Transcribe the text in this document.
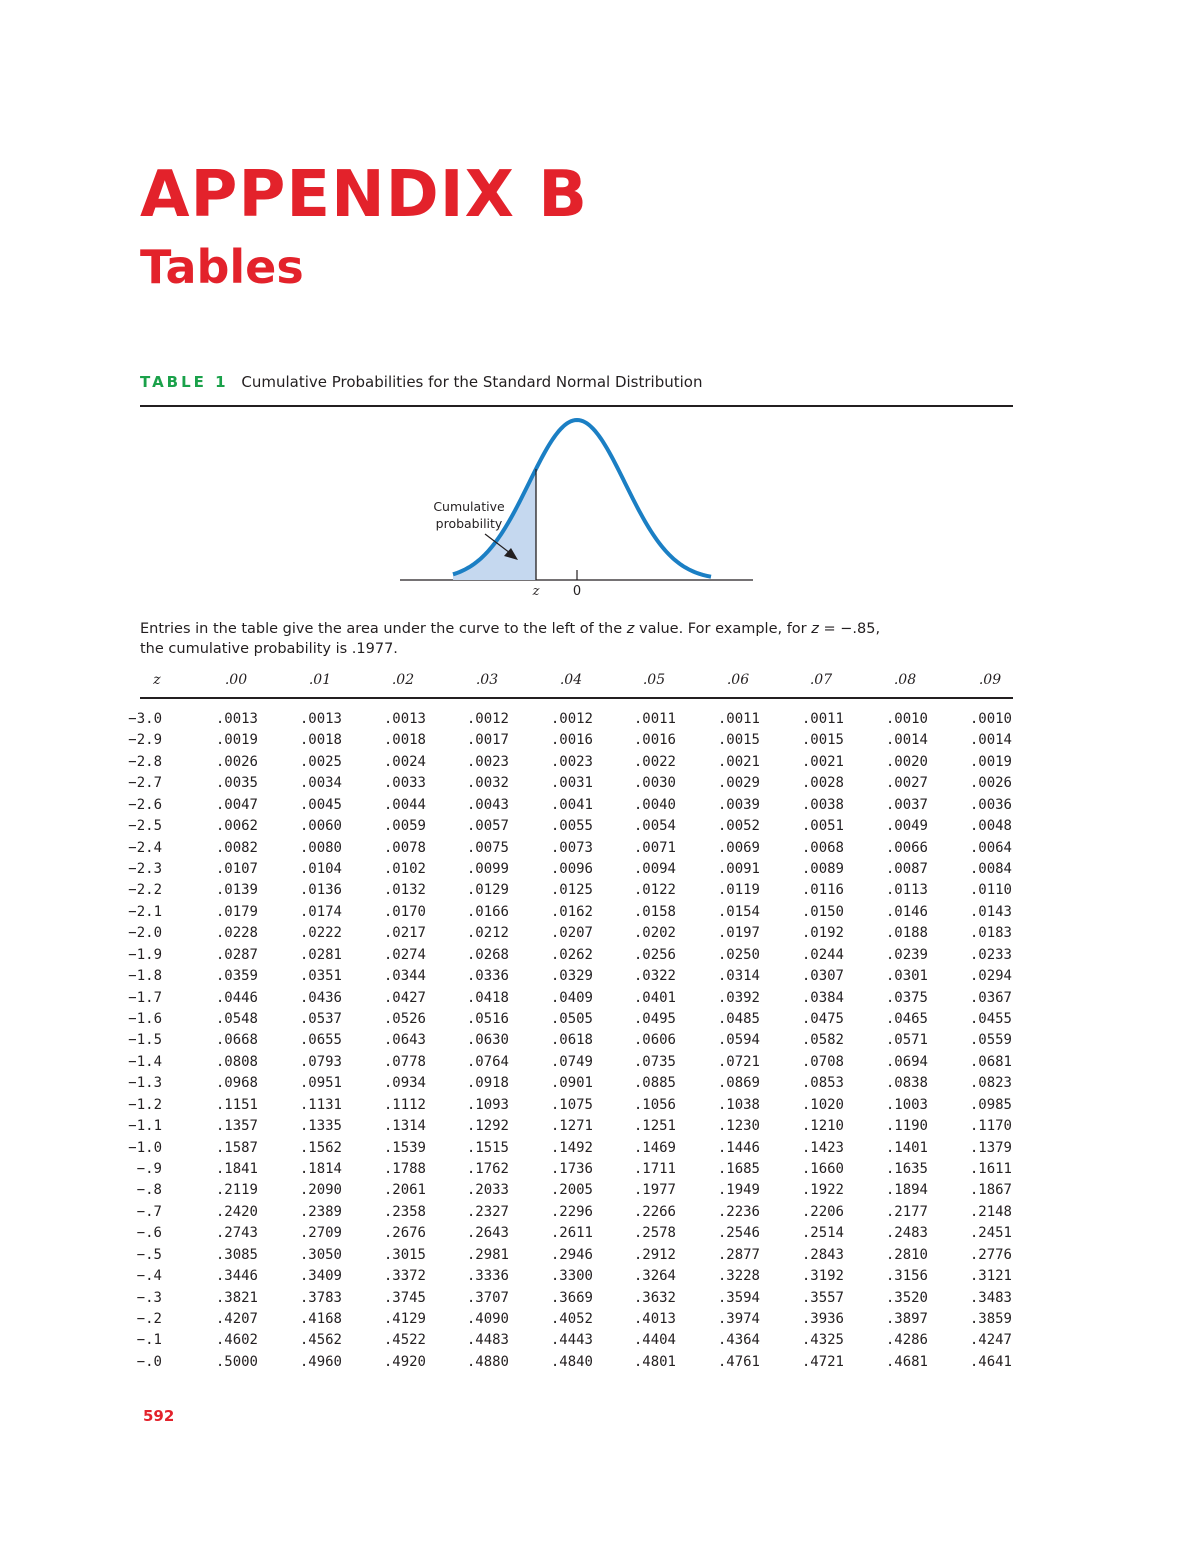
APPENDIX B
Tables
TABLE 1 Cumulative Probabilities for the Standard Normal Distribution
Cumulative
probability
z	0
Entries in the table give the area under the curve to the left of the z value. For example, for z = −.85,
the cumulative probability is .1977.
z	.00	.01	.02	.03	.04	.05	.06	.07	.08	.09
−3.0	.0013	.0013	.0013	.0012	.0012	.0011	.0011	.0011	.0010	.0010
−2.9	.0019	.0018	.0018	.0017	.0016	.0016	.0015	.0015	.0014	.0014
−2.8	.0026	.0025	.0024	.0023	.0023	.0022	.0021	.0021	.0020	.0019
−2.7	.0035	.0034	.0033	.0032	.0031	.0030	.0029	.0028	.0027	.0026
−2.6	.0047	.0045	.0044	.0043	.0041	.0040	.0039	.0038	.0037	.0036
−2.5	.0062	.0060	.0059	.0057	.0055	.0054	.0052	.0051	.0049	.0048
−2.4	.0082	.0080	.0078	.0075	.0073	.0071	.0069	.0068	.0066	.0064
−2.3	.0107	.0104	.0102	.0099	.0096	.0094	.0091	.0089	.0087	.0084
−2.2	.0139	.0136	.0132	.0129	.0125	.0122	.0119	.0116	.0113	.0110
−2.1	.0179	.0174	.0170	.0166	.0162	.0158	.0154	.0150	.0146	.0143
−2.0	.0228	.0222	.0217	.0212	.0207	.0202	.0197	.0192	.0188	.0183
−1.9	.0287	.0281	.0274	.0268	.0262	.0256	.0250	.0244	.0239	.0233
−1.8	.0359	.0351	.0344	.0336	.0329	.0322	.0314	.0307	.0301	.0294
−1.7	.0446	.0436	.0427	.0418	.0409	.0401	.0392	.0384	.0375	.0367
−1.6	.0548	.0537	.0526	.0516	.0505	.0495	.0485	.0475	.0465	.0455
−1.5	.0668	.0655	.0643	.0630	.0618	.0606	.0594	.0582	.0571	.0559
−1.4	.0808	.0793	.0778	.0764	.0749	.0735	.0721	.0708	.0694	.0681
−1.3	.0968	.0951	.0934	.0918	.0901	.0885	.0869	.0853	.0838	.0823
−1.2	.1151	.1131	.1112	.1093	.1075	.1056	.1038	.1020	.1003	.0985
−1.1	.1357	.1335	.1314	.1292	.1271	.1251	.1230	.1210	.1190	.1170
−1.0	.1587	.1562	.1539	.1515	.1492	.1469	.1446	.1423	.1401	.1379
−.9	.1841	.1814	.1788	.1762	.1736	.1711	.1685	.1660	.1635	.1611
−.8	.2119	.2090	.2061	.2033	.2005	.1977	.1949	.1922	.1894	.1867
−.7	.2420	.2389	.2358	.2327	.2296	.2266	.2236	.2206	.2177	.2148
−.6	.2743	.2709	.2676	.2643	.2611	.2578	.2546	.2514	.2483	.2451
−.5	.3085	.3050	.3015	.2981	.2946	.2912	.2877	.2843	.2810	.2776
−.4	.3446	.3409	.3372	.3336	.3300	.3264	.3228	.3192	.3156	.3121
−.3	.3821	.3783	.3745	.3707	.3669	.3632	.3594	.3557	.3520	.3483
−.2	.4207	.4168	.4129	.4090	.4052	.4013	.3974	.3936	.3897	.3859
−.1	.4602	.4562	.4522	.4483	.4443	.4404	.4364	.4325	.4286	.4247
−.0	.5000	.4960	.4920	.4880	.4840	.4801	.4761	.4721	.4681	.4641
592
